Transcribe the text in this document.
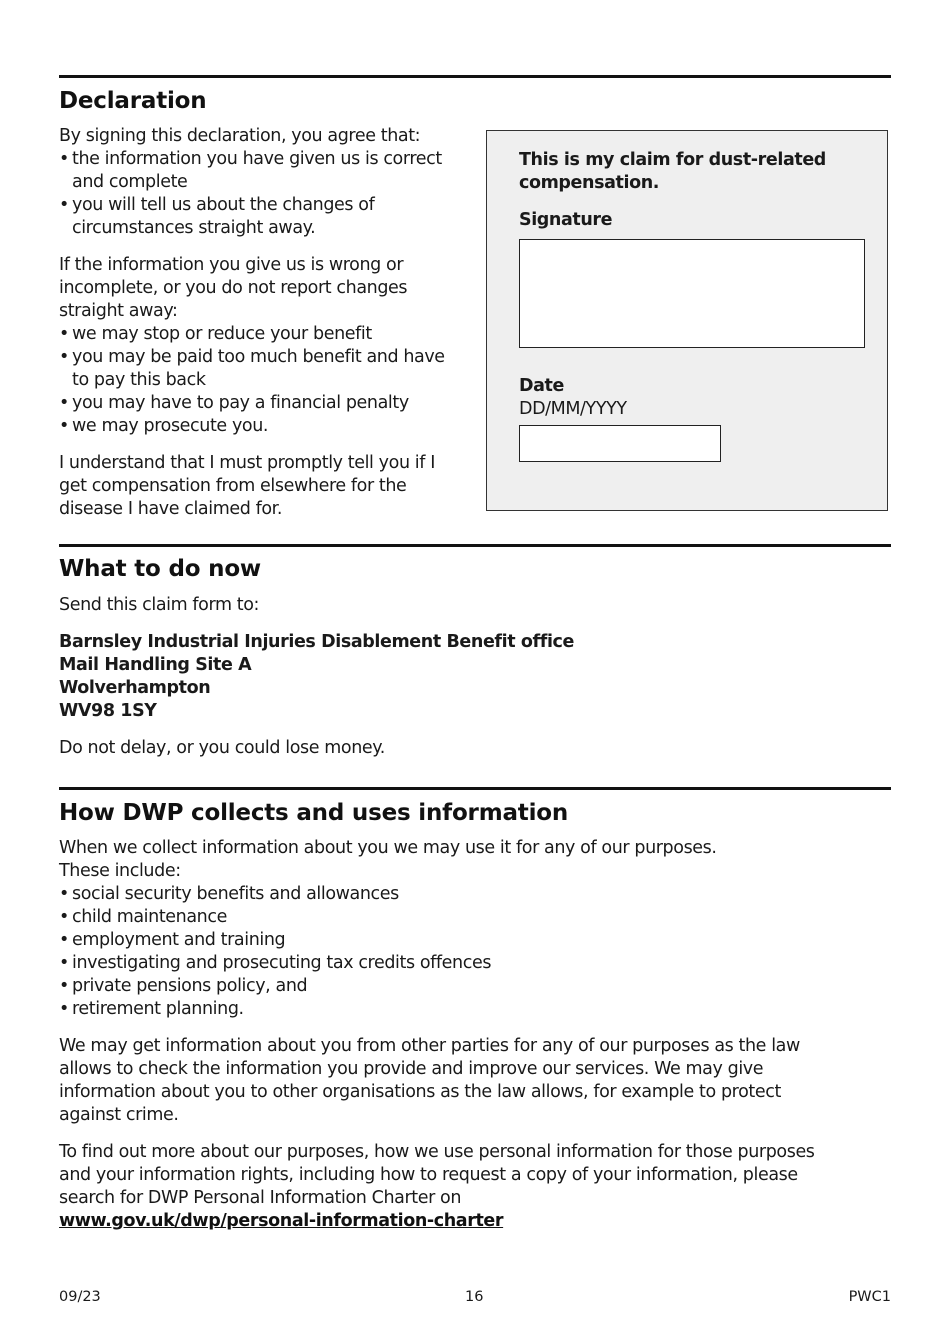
Declaration

By signing this declaration, you agree that:

• the information you have given us is correct and complete
• you will tell us about the changes of circumstances straight away.

If the information you give us is wrong or incomplete, or you do not report changes straight away:

• we may stop or reduce your benefit
• you may be paid too much benefit and have to pay this back
• you may have to pay a financial penalty
• we may prosecute you.

I understand that I must promptly tell you if I get compensation from elsewhere for the disease I have claimed for.

This is my claim for dust-related compensation.

Signature

Date

DD/MM/YYYY

What to do now

Send this claim form to:

Barnsley Industrial Injuries Disablement Benefit office

Mail Handling Site A

Wolverhampton

WV98 1SY

Do not delay, or you could lose money.

How DWP collects and uses information

When we collect information about you we may use it for any of our purposes.

These include:

• social security benefits and allowances
• child maintenance
• employment and training
• investigating and prosecuting tax credits offences
• private pensions policy, and
• retirement planning.

We may get information about you from other parties for any of our purposes as the law allows to check the information you provide and improve our services. We may give information about you to other organisations as the law allows, for example to protect against crime.

To find out more about our purposes, how we use personal information for those purposes and your information rights, including how to request a copy of your information, please search for DWP Personal Information Charter on

www.gov.uk/dwp/personal-information-charter
09/23	16	PWC1
